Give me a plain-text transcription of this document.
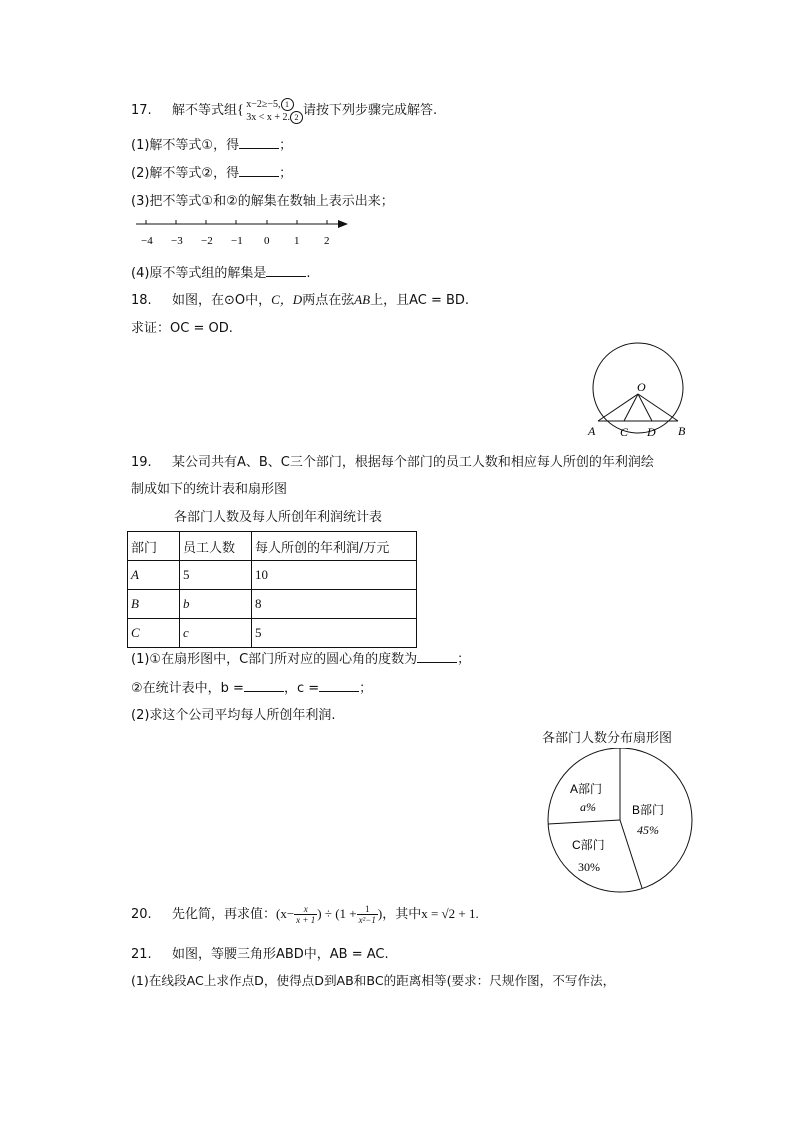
17. 解不等式组{ x−2≥−5, 1
3x < x + 2. 2 请按下列步骤完成解答.
(1)解不等式①，得	；
(2)解不等式②，得	；
(3)把不等式①和②的解集在数轴上表示出来；
−4 −3 −2 −1 0 1 2
(4)原不等式组的解集是	.
18. 如图，在⊙O中，C，D两点在弦AB上，且AC = BD.
求证：OC = OD.
O
A C D B
19. 某公司共有A、B、C三个部门，根据每个部门的员工人数和相应每人所创的年利润绘
制成如下的统计表和扇形图
各部门人数及每人所创年利润统计表
部门	员工人数	每人所创的年利润/万元
A	5	10
B	b	8
C	c	5
(1)①在扇形图中，C部门所对应的圆心角的度数为	；
②在统计表中，b =	，c =	；
(2)求这个公司平均每人所创年利润.
各部门人数分布扇形图
A部门
a%	B部门
45%
C部门
30%
20. 先化简，再求值：($x- \frac{x}{x + 1}$ ) ÷ ($1 + \frac{1}{\text{x²−1}}$ )，其中x = √2 + 1.
21. 如图，等腰三角形ABD中，AB = AC.
(1)在线段AC上求作点D，使得点D到AB和BC的距离相等(要求：尺规作图，不写作法，
